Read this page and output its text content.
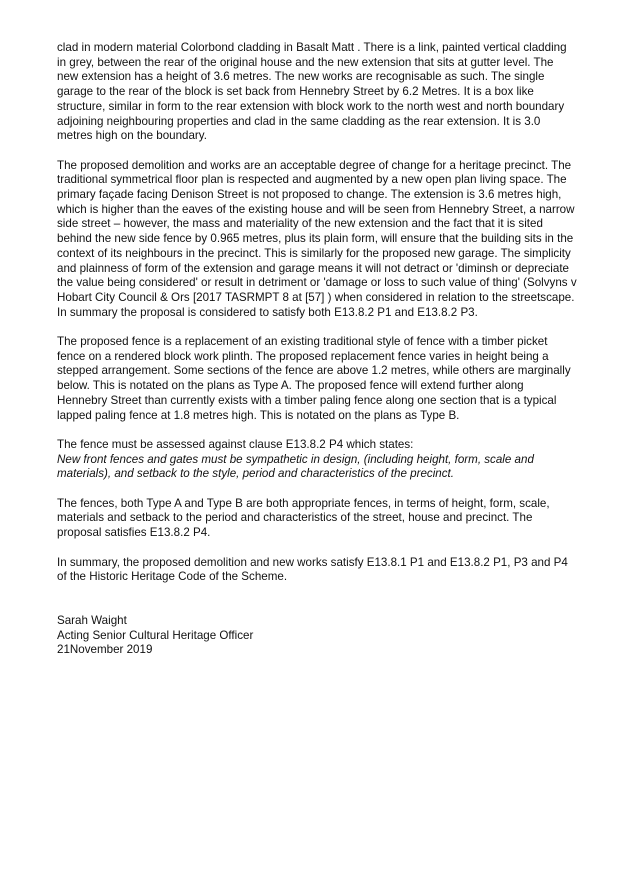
clad in modern material Colorbond cladding in Basalt Matt . There is a link, painted vertical cladding in grey, between the rear of the original house and the new extension that sits at gutter level. The new extension has a height of 3.6 metres. The new works are recognisable as such. The single garage to the rear of the block is set back from Hennebry Street by 6.2 Metres. It is a box like structure, similar in form to the rear extension with block work to the north west and north boundary adjoining neighbouring properties and clad in the same cladding as the rear extension. It is 3.0 metres high on the boundary.

The proposed demolition and works are an acceptable degree of change for a heritage precinct. The traditional symmetrical floor plan is respected and augmented by a new open plan living space. The primary façade facing Denison Street is not proposed to change. The extension is 3.6 metres high, which is higher than the eaves of the existing house and will be seen from Hennebry Street, a narrow side street – however, the mass and materiality of the new extension and the fact that it is sited behind the new side fence by 0.965 metres, plus its plain form, will ensure that the building sits in the context of its neighbours in the precinct. This is similarly for the proposed new garage. The simplicity and plainness of form of the extension and garage means it will not detract or 'diminsh or depreciate the value being considered' or result in detriment or 'damage or loss to such value of thing' (Solvyns v Hobart City Council & Ors [2017 TASRMPT 8 at [57] ) when considered in relation to the streetscape. In summary the proposal is considered to satisfy both E13.8.2 P1 and E13.8.2 P3.

The proposed fence is a replacement of an existing traditional style of fence with a timber picket fence on a rendered block work plinth. The proposed replacement fence varies in height being a stepped arrangement. Some sections of the fence are above 1.2 metres, while others are marginally below. This is notated on the plans as Type A. The proposed fence will extend further along Hennebry Street than currently exists with a timber paling fence along one section that is a typical lapped paling fence at 1.8 metres high. This is notated on the plans as Type B.

The fence must be assessed against clause E13.8.2 P4 which states:
New front fences and gates must be sympathetic in design, (including height, form, scale and materials), and setback to the style, period and characteristics of the precinct.

The fences, both Type A and Type B are both appropriate fences, in terms of height, form, scale, materials and setback to the period and characteristics of the street, house and precinct. The proposal satisfies E13.8.2 P4.

In summary, the proposed demolition and new works satisfy E13.8.1 P1 and E13.8.2 P1, P3 and P4 of the Historic Heritage Code of the Scheme.

Sarah Waight
Acting Senior Cultural Heritage Officer
21November 2019
